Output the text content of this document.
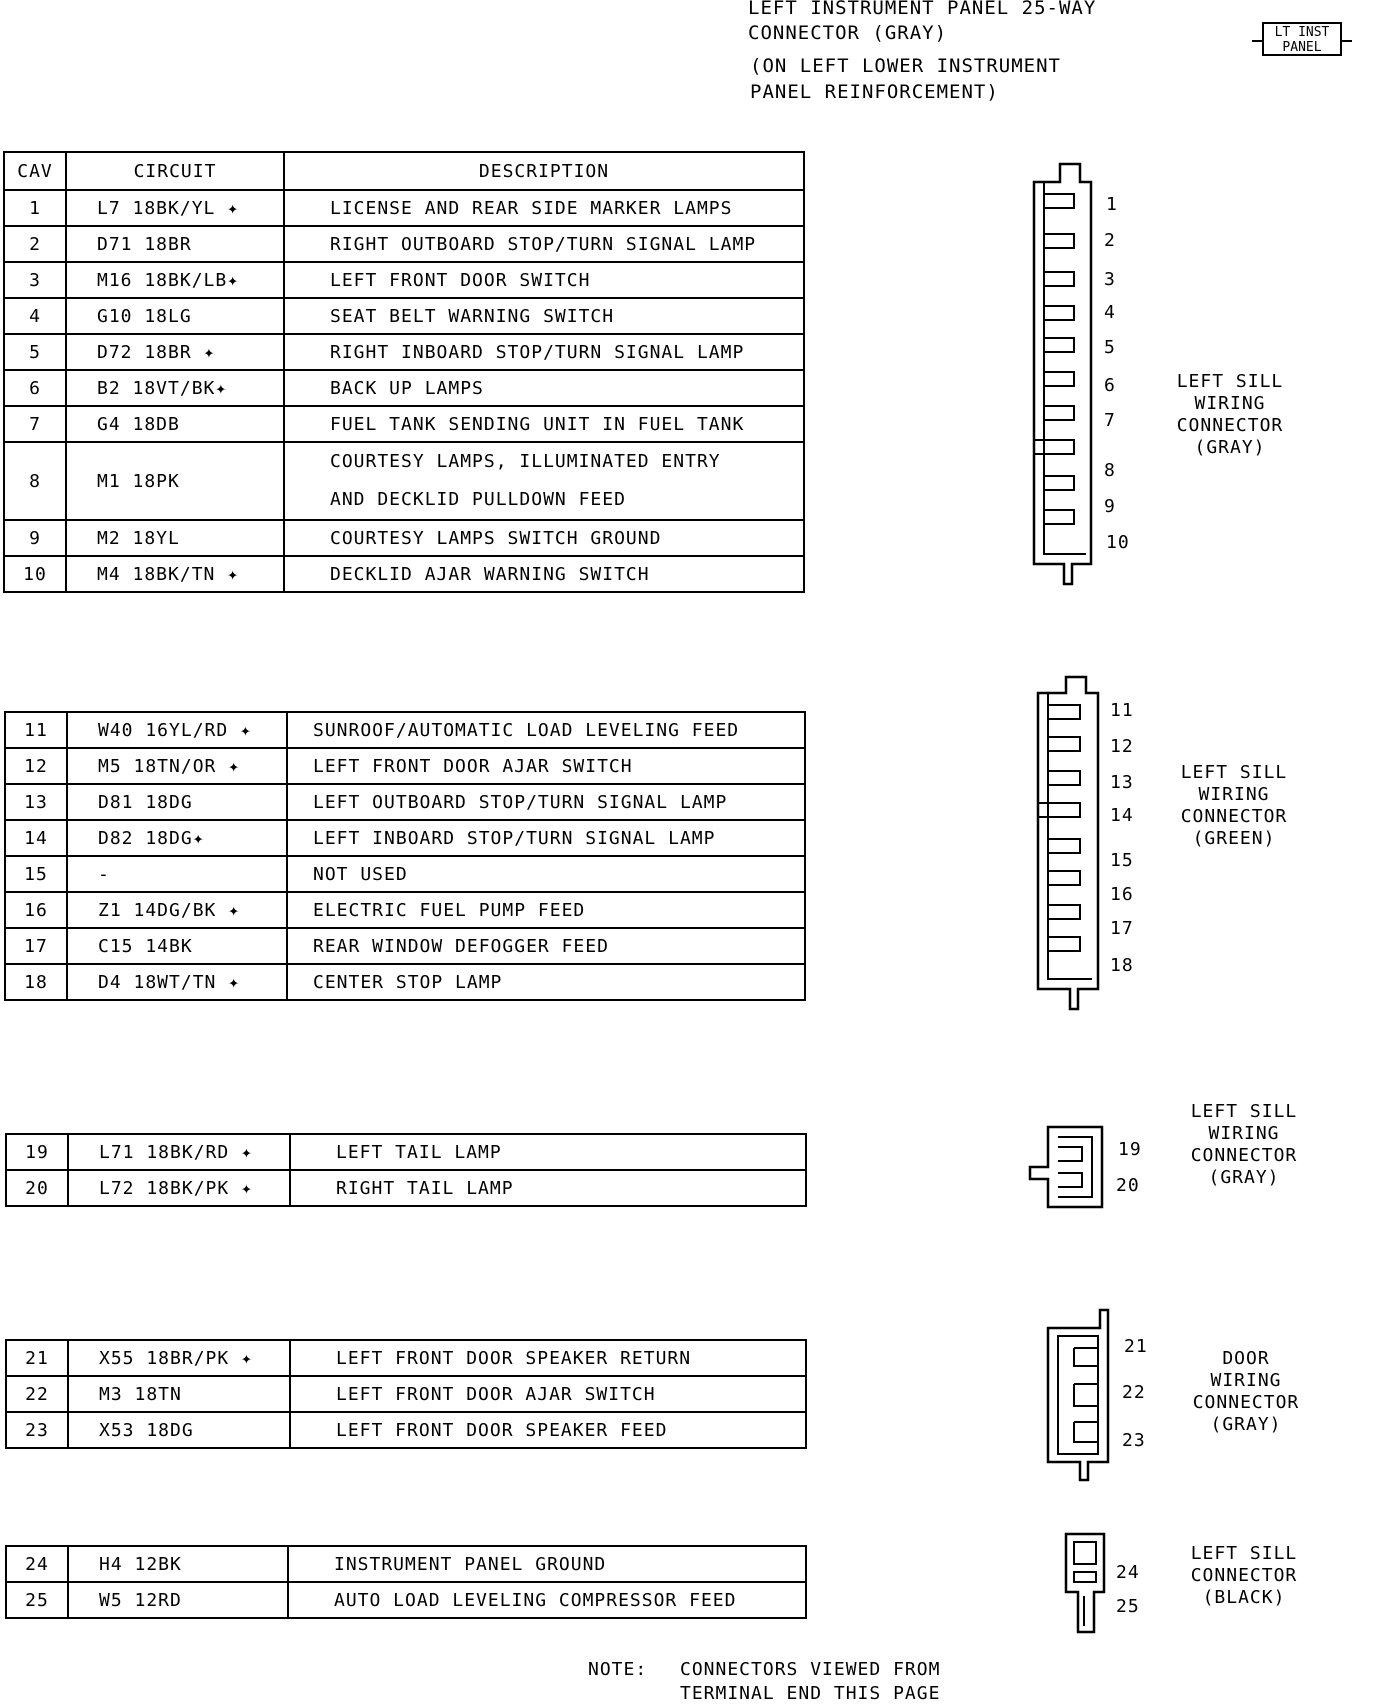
LEFT INSTRUMENT PANEL 25-WAY
CONNECTOR (GRAY)
(ON LEFT LOWER INSTRUMENT
PANEL REINFORCEMENT)
LT INST
PANEL
CAV	CIRCUIT	DESCRIPTION
1	L7 18BK/YL ✦	LICENSE AND REAR SIDE MARKER LAMPS
2	D71 18BR	RIGHT OUTBOARD STOP/TURN SIGNAL LAMP
3	M16 18BK/LB✦	LEFT FRONT DOOR SWITCH
4	G10 18LG	SEAT BELT WARNING SWITCH
5	D72 18BR ✦	RIGHT INBOARD STOP/TURN SIGNAL LAMP
6	B2 18VT/BK✦	BACK UP LAMPS
7	G4 18DB	FUEL TANK SENDING UNIT IN FUEL TANK
8	M1 18PK	COURTESY LAMPS, ILLUMINATED ENTRY
AND DECKLID PULLDOWN FEED

9	M2 18YL	COURTESY LAMPS SWITCH GROUND
10	M4 18BK/TN ✦	DECKLID AJAR WARNING SWITCH
11	W40 16YL/RD ✦	SUNROOF/AUTOMATIC LOAD LEVELING FEED
12	M5 18TN/OR ✦	LEFT FRONT DOOR AJAR SWITCH
13	D81 18DG	LEFT OUTBOARD STOP/TURN SIGNAL LAMP
14	D82 18DG✦	LEFT INBOARD STOP/TURN SIGNAL LAMP
15	-	NOT USED
16	Z1 14DG/BK ✦	ELECTRIC FUEL PUMP FEED
17	C15 14BK	REAR WINDOW DEFOGGER FEED
18	D4 18WT/TN ✦	CENTER STOP LAMP
19	L71 18BK/RD ✦	LEFT TAIL LAMP
20	L72 18BK/PK ✦	RIGHT TAIL LAMP
21	X55 18BR/PK ✦	LEFT FRONT DOOR SPEAKER RETURN
22	M3 18TN	LEFT FRONT DOOR AJAR SWITCH
23	X53 18DG	LEFT FRONT DOOR SPEAKER FEED
24	H4 12BK	INSTRUMENT PANEL GROUND
25	W5 12RD	AUTO LOAD LEVELING COMPRESSOR FEED
1
2
3
4
5
6
7
8
9
10
LEFT SILL
WIRING
CONNECTOR
(GRAY)
11
12
13
14
15
16
17
18
LEFT SILL
WIRING
CONNECTOR
(GREEN)
19
20
LEFT SILL
WIRING
CONNECTOR
(GRAY)
21
22
23
DOOR
WIRING
CONNECTOR
(GRAY)
24
25
LEFT SILL
CONNECTOR
(BLACK)
NOTE: CONNECTORS VIEWED FROM
TERMINAL END THIS PAGE
